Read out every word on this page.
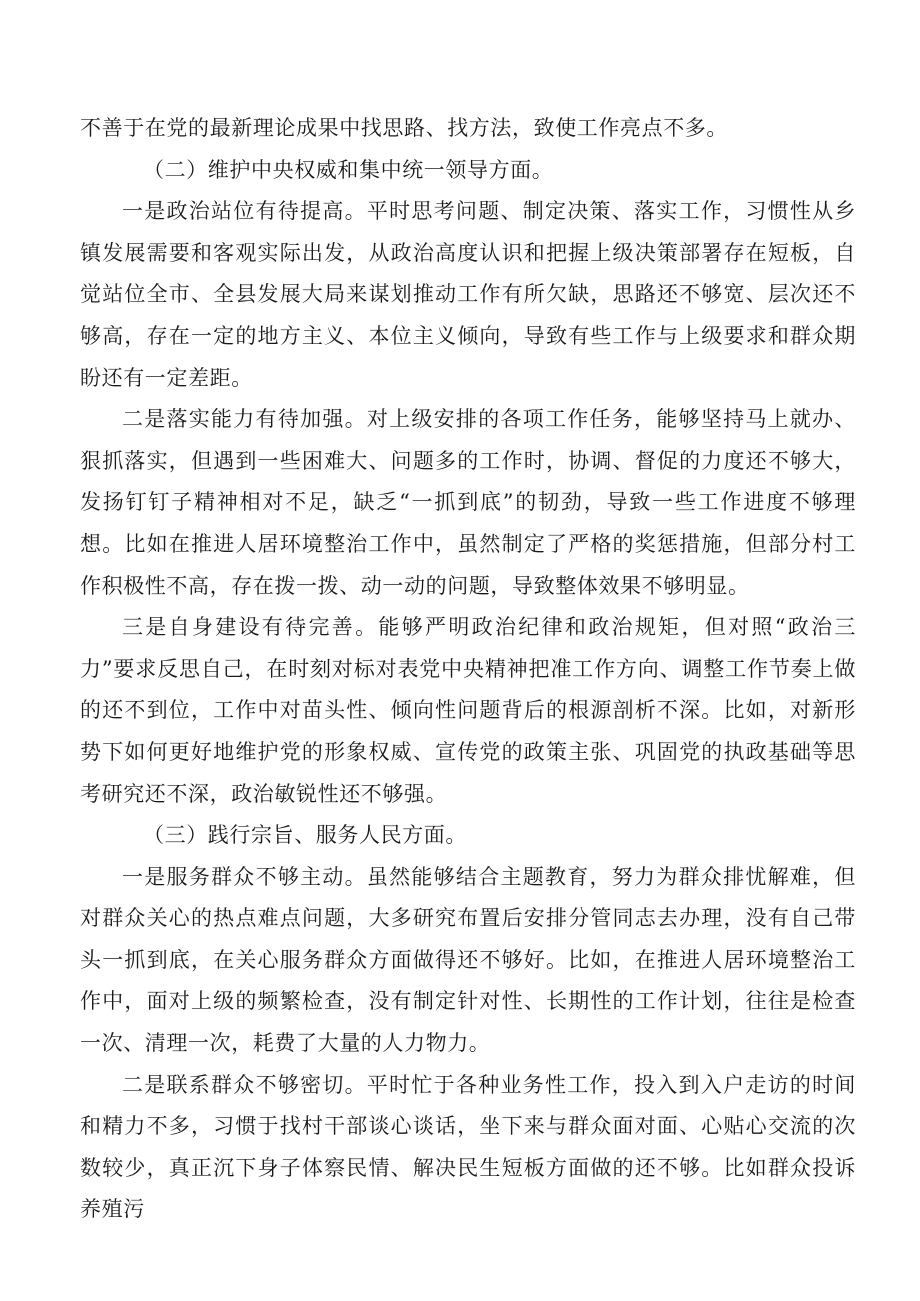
不善于在党的最新理论成果中找思路、找方法，致使工作亮点不多。

（二）维护中央权威和集中统一领导方面。

一是政治站位有待提高。平时思考问题、制定决策、落实工作，习惯性从乡镇发展需要和客观实际出发，从政治高度认识和把握上级决策部署存在短板，自觉站位全市、全县发展大局来谋划推动工作有所欠缺，思路还不够宽、层次还不够高，存在一定的地方主义、本位主义倾向，导致有些工作与上级要求和群众期盼还有一定差距。

二是落实能力有待加强。对上级安排的各项工作任务，能够坚持马上就办、狠抓落实，但遇到一些困难大、问题多的工作时，协调、督促的力度还不够大，发扬钉钉子精神相对不足，缺乏“一抓到底”的韧劲，导致一些工作进度不够理想。比如在推进人居环境整治工作中，虽然制定了严格的奖惩措施，但部分村工作积极性不高，存在拨一拨、动一动的问题，导致整体效果不够明显。

三是自身建设有待完善。能够严明政治纪律和政治规矩，但对照“政治三力”要求反思自己，在时刻对标对表党中央精神把准工作方向、调整工作节奏上做的还不到位，工作中对苗头性、倾向性问题背后的根源剖析不深。比如，对新形势下如何更好地维护党的形象权威、宣传党的政策主张、巩固党的执政基础等思考研究还不深，政治敏锐性还不够强。

（三）践行宗旨、服务人民方面。

一是服务群众不够主动。虽然能够结合主题教育，努力为群众排忧解难，但对群众关心的热点难点问题，大多研究布置后安排分管同志去办理，没有自己带头一抓到底，在关心服务群众方面做得还不够好。比如，在推进人居环境整治工作中，面对上级的频繁检查，没有制定针对性、长期性的工作计划，往往是检查一次、清理一次，耗费了大量的人力物力。

二是联系群众不够密切。平时忙于各种业务性工作，投入到入户走访的时间和精力不多，习惯于找村干部谈心谈话，坐下来与群众面对面、心贴心交流的次数较少，真正沉下身子体察民情、解决民生短板方面做的还不够。比如群众投诉养殖污
